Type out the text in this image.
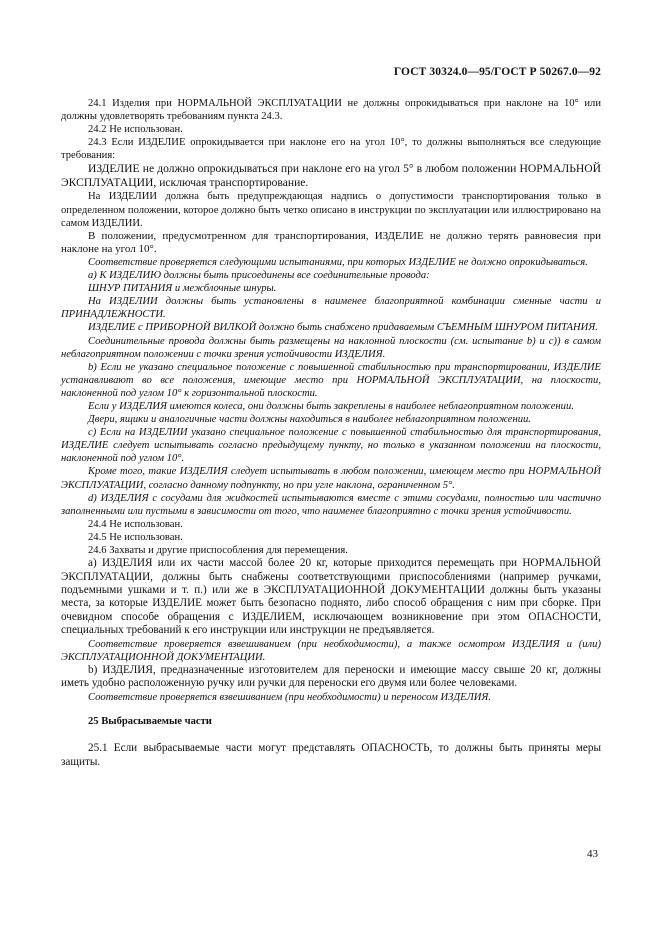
ГОСТ 30324.0—95/ГОСТ Р 50267.0—92

24.1 Изделия при НОРМАЛЬНОЙ ЭКСПЛУАТАЦИИ не должны опрокидываться при наклоне на 10° или должны удовлетворять требованиям пункта 24.3.

24.2 Не использован.

24.3 Если ИЗДЕЛИЕ опрокидывается при наклоне его на угол 10°, то должны выполняться все следующие требования:

ИЗДЕЛИЕ не должно опрокидываться при наклоне его на угол 5° в любом положении НОРМАЛЬНОЙ ЭКСПЛУАТАЦИИ, исключая транспортирование.

На ИЗДЕЛИИ должна быть предупреждающая надпись о допустимости транспортирования только в определенном положении, которое должно быть четко описано в инструкции по эксплуатации или иллюстрировано на самом ИЗДЕЛИИ.

В положении, предусмотренном для транспортирования, ИЗДЕЛИЕ не должно терять равновесия при наклоне на угол 10°.

Соответствие проверяется следующими испытаниями, при которых ИЗДЕЛИЕ не должно опрокидываться.

а) К ИЗДЕЛИЮ должны быть присоединены все соединительные провода:

ШНУР ПИТАНИЯ и межблочные шнуры.

На ИЗДЕЛИИ должны быть установлены в наименее благоприятной комбинации сменные части и ПРИНАДЛЕЖНОСТИ.

ИЗДЕЛИЕ с ПРИБОРНОЙ ВИЛКОЙ должно быть снабжено придаваемым СЪЕМНЫМ ШНУРОМ ПИТАНИЯ.

Соединительные провода должны быть размещены на наклонной плоскости (см. испытание b) и c)) в самом неблагоприятном положении с точки зрения устойчивости ИЗДЕЛИЯ.

b) Если не указано специальное положение с повышенной стабильностью при транспортировании, ИЗДЕЛИЕ устанавливают во все положения, имеющие место при НОРМАЛЬНОЙ ЭКСПЛУАТАЦИИ, на плоскости, наклоненной под углом 10° к горизонтальной плоскости.

Если у ИЗДЕЛИЯ имеются колеса, они должны быть закреплены в наиболее неблагоприятном положении.

Двери, ящики и аналогичные части должны находиться в наиболее неблагоприятном положении.

c) Если на ИЗДЕЛИИ указано специальное положение с повышенной стабильностью для транспортирования, ИЗДЕЛИЕ следует испытывать согласно предыдущему пункту, но только в указанном положении на плоскости, наклоненной под углом 10°.

Кроме того, такие ИЗДЕЛИЯ следует испытывать в любом положении, имеющем место при НОРМАЛЬНОЙ ЭКСПЛУАТАЦИИ, согласно данному подпункту, но при угле наклона, ограниченном 5°.

d) ИЗДЕЛИЯ с сосудами для жидкостей испытываются вместе с этими сосудами, полностью или частично заполненными или пустыми в зависимости от того, что наименее благоприятно с точки зрения устойчивости.

24.4 Не использован.

24.5 Не использован.

24.6 Захваты и другие приспособления для перемещения.

а) ИЗДЕЛИЯ или их части массой более 20 кг, которые приходится перемещать при НОРМАЛЬНОЙ ЭКСПЛУАТАЦИИ, должны быть снабжены соответствующими приспособлениями (например ручками, подъемными ушками и т. п.) или же в ЭКСПЛУАТАЦИОННОЙ ДОКУМЕНТАЦИИ должны быть указаны места, за которые ИЗДЕЛИЕ может быть безопасно поднято, либо способ обращения с ним при сборке. При очевидном способе обращения с ИЗДЕЛИЕМ, исключающем возникновение при этом ОПАСНОСТИ, специальных требований к его инструкции или инструкции не предъявляется.

Соответствие проверяется взвешиванием (при необходимости), а также осмотром ИЗДЕЛИЯ и (или) ЭКСПЛУАТАЦИОННОЙ ДОКУМЕНТАЦИИ.

b) ИЗДЕЛИЯ, предназначенные изготовителем для переноски и имеющие массу свыше 20 кг, должны иметь удобно расположенную ручку или ручки для переноски его двумя или более человеками.

Соответствие проверяется взвешиванием (при необходимости) и переносом ИЗДЕЛИЯ.

25 Выбрасываемые части

25.1 Если выбрасываемые части могут представлять ОПАСНОСТЬ, то должны быть приняты меры защиты.

43
